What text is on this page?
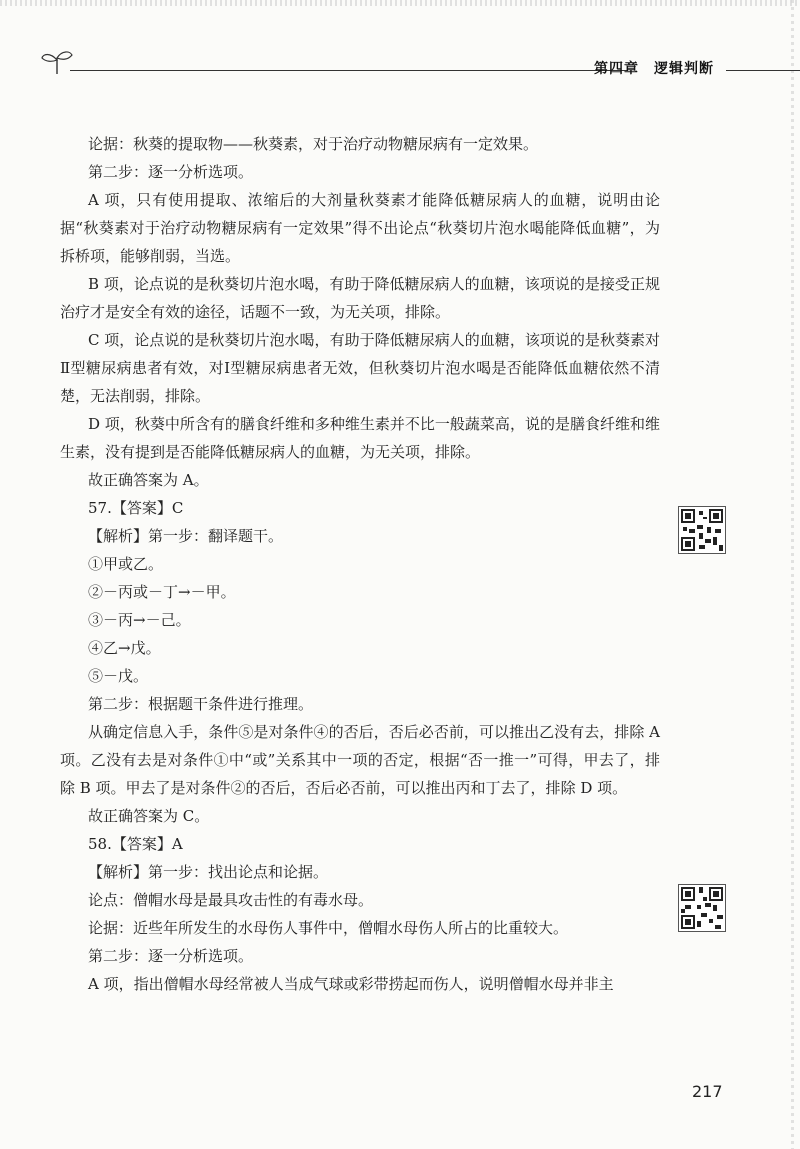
第四章　逻辑判断

论据：秋葵的提取物——秋葵素，对于治疗动物糖尿病有一定效果。

第二步：逐一分析选项。

A 项，只有使用提取、浓缩后的大剂量秋葵素才能降低糖尿病人的血糖，说明由论据“秋葵素对于治疗动物糖尿病有一定效果”得不出论点“秋葵切片泡水喝能降低血糖”，为拆桥项，能够削弱，当选。

B 项，论点说的是秋葵切片泡水喝，有助于降低糖尿病人的血糖，该项说的是接受正规治疗才是安全有效的途径，话题不一致，为无关项，排除。

C 项，论点说的是秋葵切片泡水喝，有助于降低糖尿病人的血糖，该项说的是秋葵素对Ⅱ型糖尿病患者有效，对Ⅰ型糖尿病患者无效，但秋葵切片泡水喝是否能降低血糖依然不清楚，无法削弱，排除。

D 项，秋葵中所含有的膳食纤维和多种维生素并不比一般蔬菜高，说的是膳食纤维和维生素，没有提到是否能降低糖尿病人的血糖，为无关项，排除。

故正确答案为 A。

57.【答案】C

【解析】第一步：翻译题干。

①甲或乙。

②－丙或－丁→－甲。

③－丙→－己。

④乙→戊。

⑤－戊。

第二步：根据题干条件进行推理。

从确定信息入手，条件⑤是对条件④的否后，否后必否前，可以推出乙没有去，排除 A 项。乙没有去是对条件①中“或”关系其中一项的否定，根据“否一推一”可得，甲去了，排除 B 项。甲去了是对条件②的否后，否后必否前，可以推出丙和丁去了，排除 D 项。

故正确答案为 C。

58.【答案】A

【解析】第一步：找出论点和论据。

论点：僧帽水母是最具攻击性的有毒水母。

论据：近些年所发生的水母伤人事件中，僧帽水母伤人所占的比重较大。

第二步：逐一分析选项。

A 项，指出僧帽水母经常被人当成气球或彩带捞起而伤人，说明僧帽水母并非主

217
